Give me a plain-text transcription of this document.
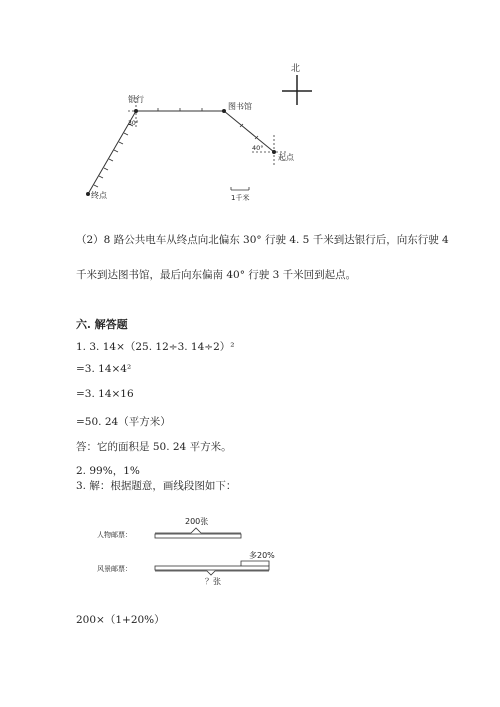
北
银行
30°
图书馆
40°
起点
终点	1千米
（2）8 路公共电车从终点向北偏东 30° 行驶 4. 5 千米到达银行后，向东行驶 4
千米到达图书馆，最后向东偏南 40° 行驶 3 千米回到起点。
六. 解答题
1. 3. 14×（25. 12÷3. 14÷2）²
=3. 14×4²
=3. 14×16
=50. 24（平方米）
答：它的面积是 50. 24 平方米。
2. 99%，1%
3. 解：根据题意，画线段图如下：
人物邮票：
200张
风景邮票：
多20%
？张
200×（1+20%）
